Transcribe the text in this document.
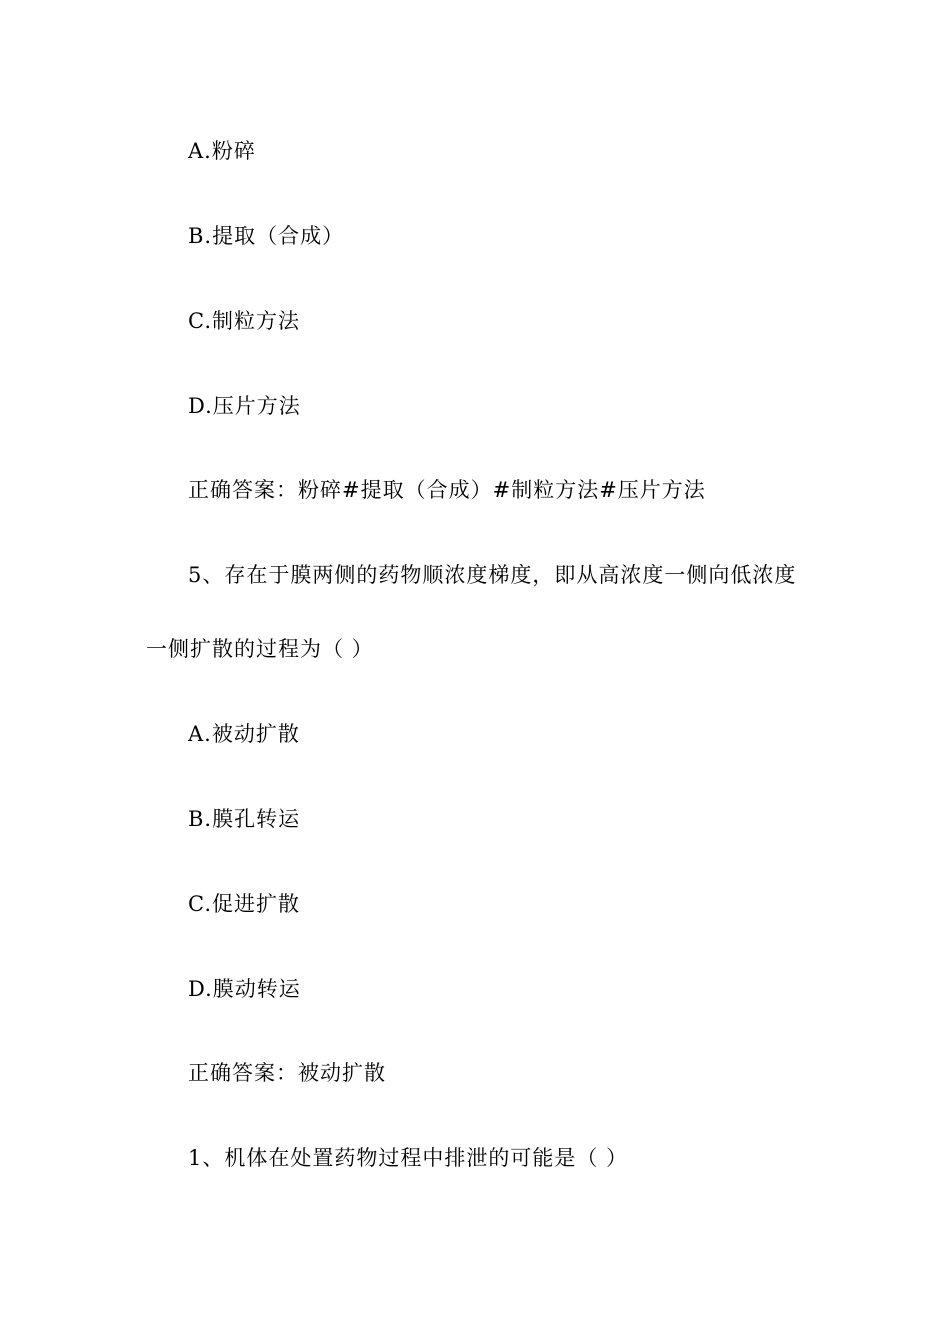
A.粉碎
B.提取（合成）
C.制粒方法
D.压片方法
正确答案：粉碎#提取（合成）#制粒方法#压片方法
5、存在于膜两侧的药物顺浓度梯度，即从高浓度一侧向低浓度
一侧扩散的过程为（ ）
A.被动扩散
B.膜孔转运
C.促进扩散
D.膜动转运
正确答案：被动扩散
1、机体在处置药物过程中排泄的可能是（ ）
